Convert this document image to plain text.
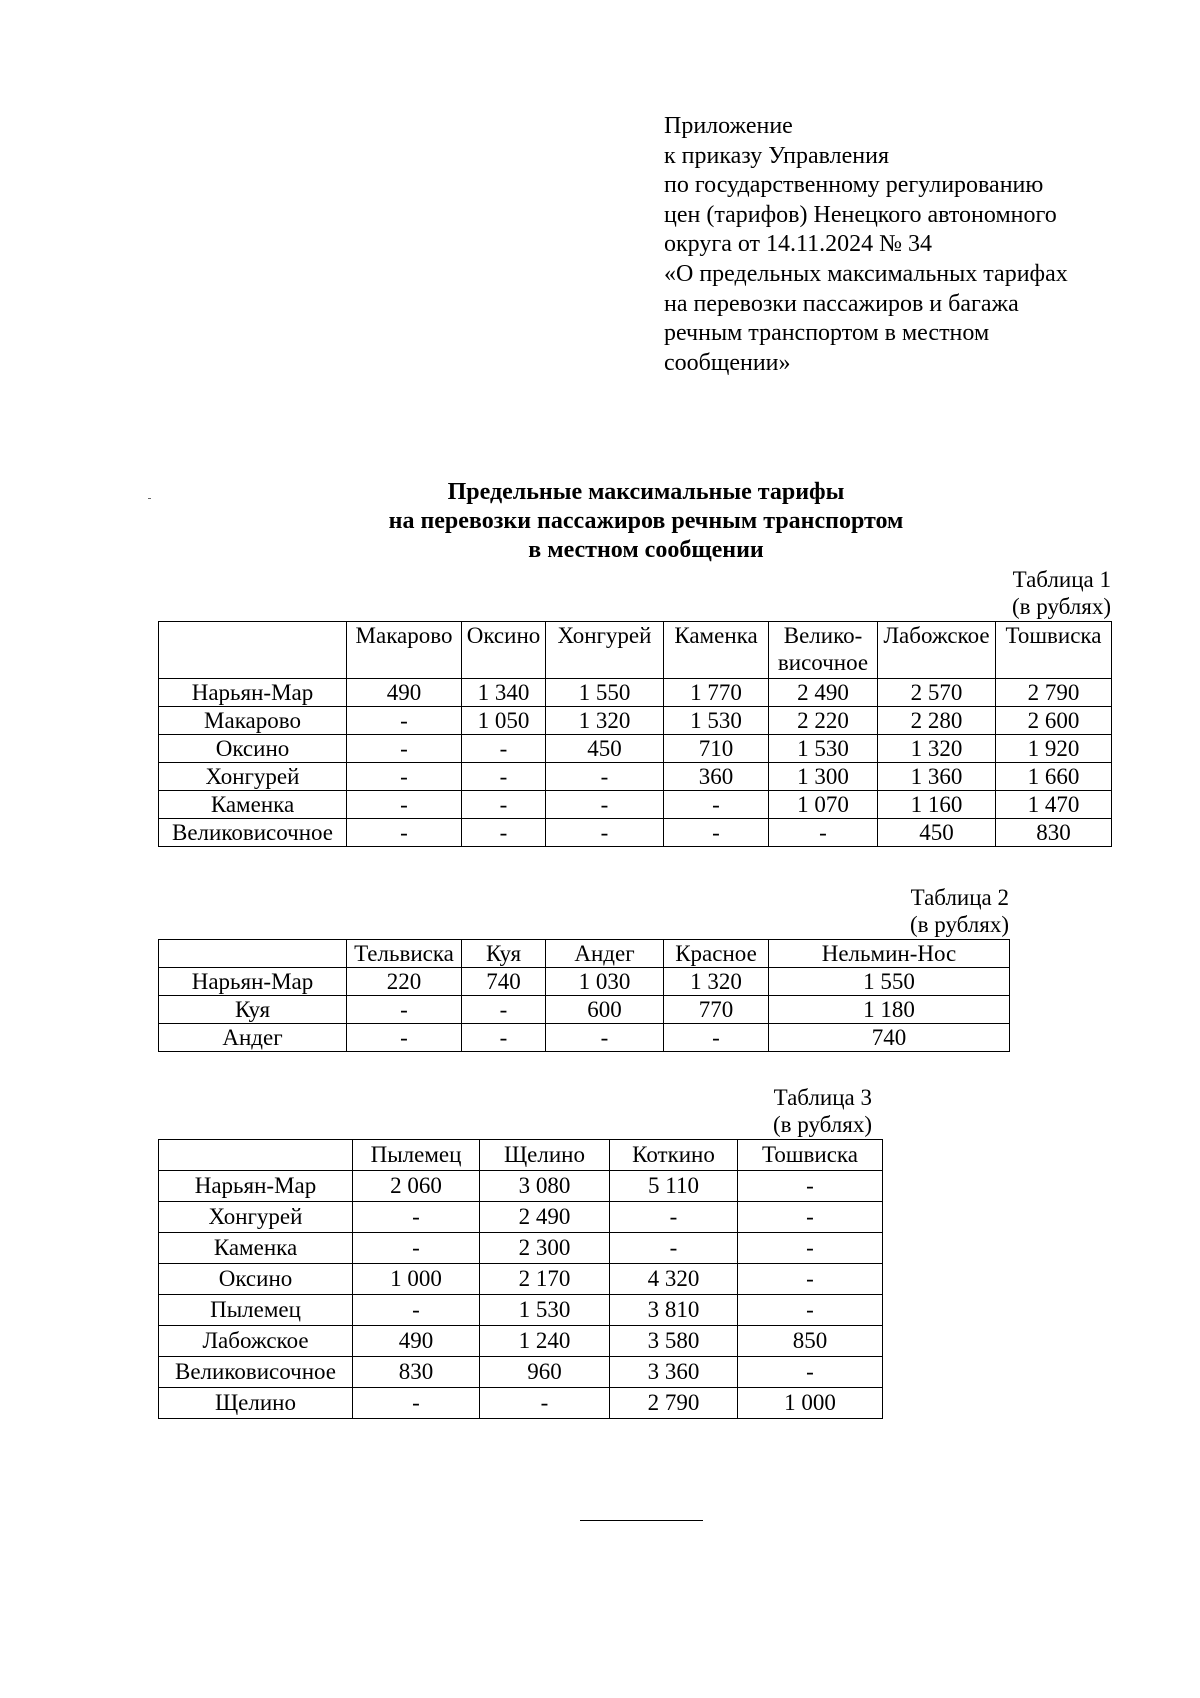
Приложение
к приказу Управления
по государственному регулированию
цен (тарифов) Ненецкого автономного
округа от 14.11.2024 № 34
«О предельных максимальных тарифах
на перевозки пассажиров и багажа
речным транспортом в местном
сообщении»
Предельные максимальные тарифы
на перевозки пассажиров речным транспортом
в местном сообщении
Таблица 1
(в рублях)
	Макарово	Оксино	Хонгурей	Каменка	Велико-
височное	Лабожское	Тошвиска
Нарьян-Мар	490	1 340	1 550	1 770	2 490	2 570	2 790
Макарово	-	1 050	1 320	1 530	2 220	2 280	2 600
Оксино	-	-	450	710	1 530	1 320	1 920
Хонгурей	-	-	-	360	1 300	1 360	1 660
Каменка	-	-	-	-	1 070	1 160	1 470
Великовисочное	-	-	-	-	-	450	830
Таблица 2
(в рублях)
	Тельвиска	Куя	Андег	Красное	Нельмин-Нос
Нарьян-Мар	220	740	1 030	1 320	1 550
Куя	-	-	600	770	1 180
Андег	-	-	-	-	740
Таблица 3
(в рублях)
	Пылемец	Щелино	Коткино	Тошвиска
Нарьян-Мар	2 060	3 080	5 110	-
Хонгурей	-	2 490	-	-
Каменка	-	2 300	-	-
Оксино	1 000	2 170	4 320	-
Пылемец	-	1 530	3 810	-
Лабожское	490	1 240	3 580	850
Великовисочное	830	960	3 360	-
Щелино	-	-	2 790	1 000
